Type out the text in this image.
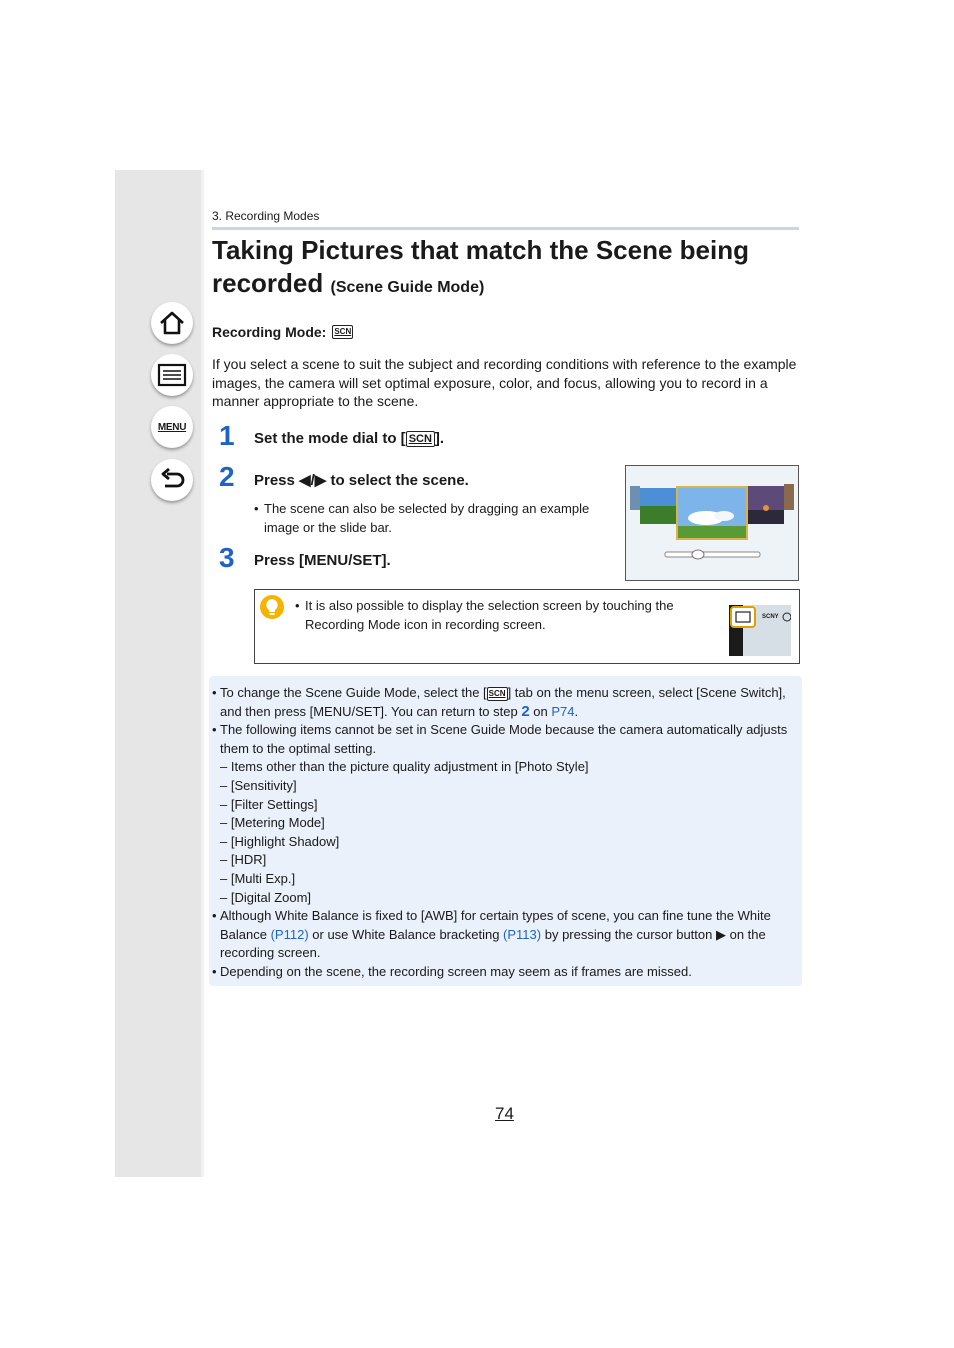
MENU
3. Recording Modes
Taking Pictures that match the Scene being recorded (Scene Guide Mode)
Recording Mode: SCN

If you select a scene to suit the subject and recording conditions with reference to the example images, the camera will set optimal exposure, color, and focus, allowing you to record in a manner appropriate to the scene.

1 Set the mode dial to [ SCN ].
2 Press ◀/▶ to select the scene.
• The scene can also be selected by dragging an example image or the slide bar.
3 Press [MENU/SET].
• It is also possible to display the selection screen by touching the Recording Mode icon in recording screen.	SCNY
• To change the Scene Guide Mode, select the [ SCN ] tab on the menu screen, select [Scene Switch], and then press [MENU/SET]. You can return to step 2 on P74.
• The following items cannot be set in Scene Guide Mode because the camera automatically adjusts them to the optimal setting.
– Items other than the picture quality adjustment in [Photo Style]
– [Sensitivity]
– [Filter Settings]
– [Metering Mode]
– [Highlight Shadow]
– [HDR]
– [Multi Exp.]
– [Digital Zoom]
• Although White Balance is fixed to [AWB] for certain types of scene, you can fine tune the White Balance (P112) or use White Balance bracketing (P113) by pressing the cursor button ▶ on the recording screen.
• Depending on the scene, the recording screen may seem as if frames are missed.
74
